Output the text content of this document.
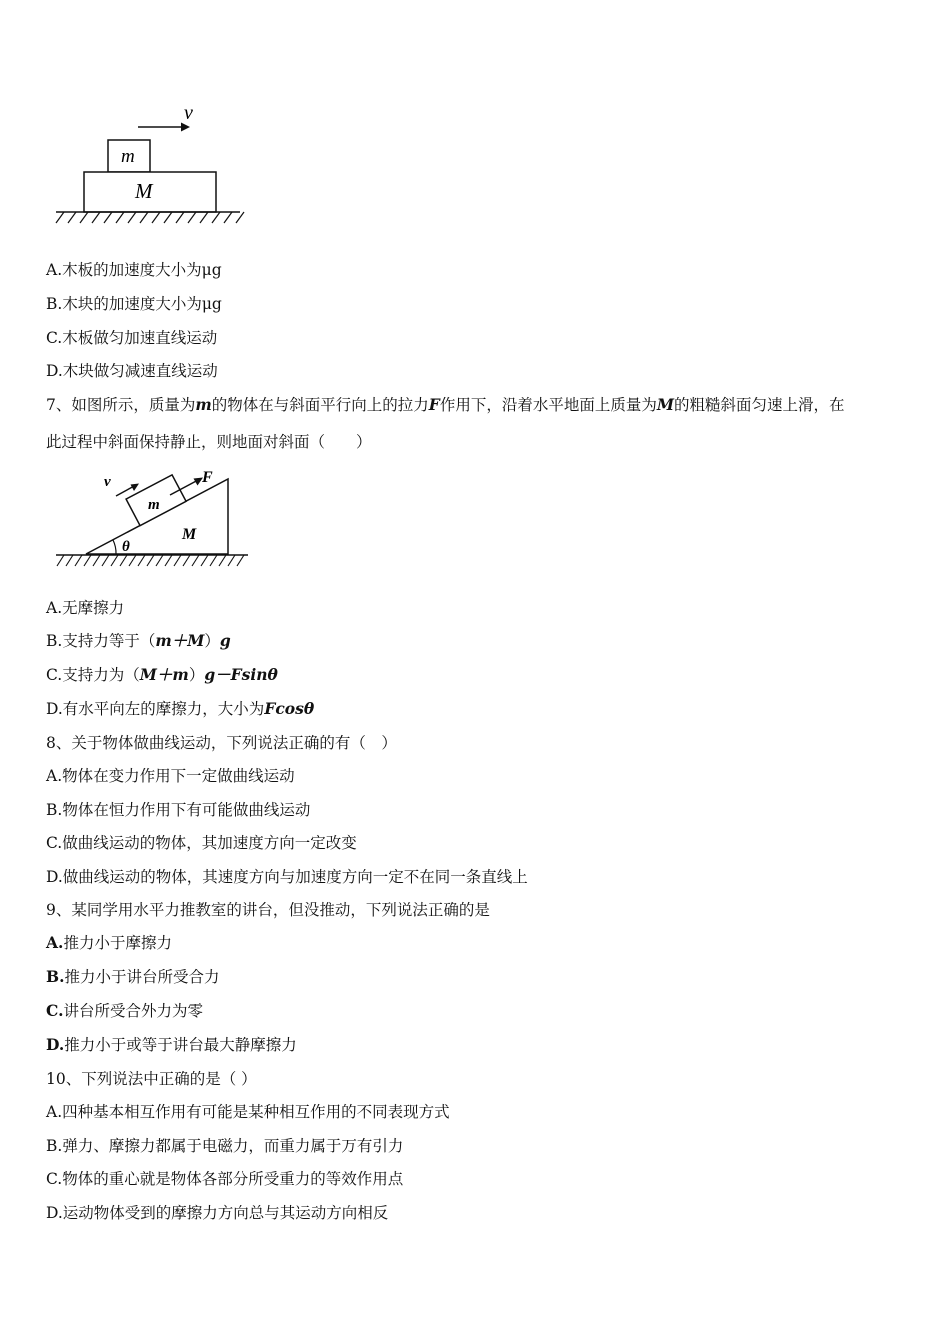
v
m
M
A.木板的加速度大小为μg
B.木块的加速度大小为μg
C.木板做匀加速直线运动
D.木块做匀减速直线运动
7、如图所示，质量为m的物体在与斜面平行向上的拉力F作用下，沿着水平地面上质量为M的粗糙斜面匀速上滑，在
此过程中斜面保持静止，则地面对斜面（　　）
m
F
v
M
θ
A.无摩擦力
B.支持力等于（m＋M）g
C.支持力为（M＋m）g－Fsinθ
D.有水平向左的摩擦力，大小为Fcosθ
8、关于物体做曲线运动，下列说法正确的有（　）
A.物体在变力作用下一定做曲线运动
B.物体在恒力作用下有可能做曲线运动
C.做曲线运动的物体，其加速度方向一定改变
D.做曲线运动的物体，其速度方向与加速度方向一定不在同一条直线上
9、某同学用水平力推教室的讲台，但没推动，下列说法正确的是
A.推力小于摩擦力
B.推力小于讲台所受合力
C.讲台所受合外力为零
D.推力小于或等于讲台最大静摩擦力
10、下列说法中正确的是（ ）
A.四种基本相互作用有可能是某种相互作用的不同表现方式
B.弹力、摩擦力都属于电磁力，而重力属于万有引力
C.物体的重心就是物体各部分所受重力的等效作用点
D.运动物体受到的摩擦力方向总与其运动方向相反
